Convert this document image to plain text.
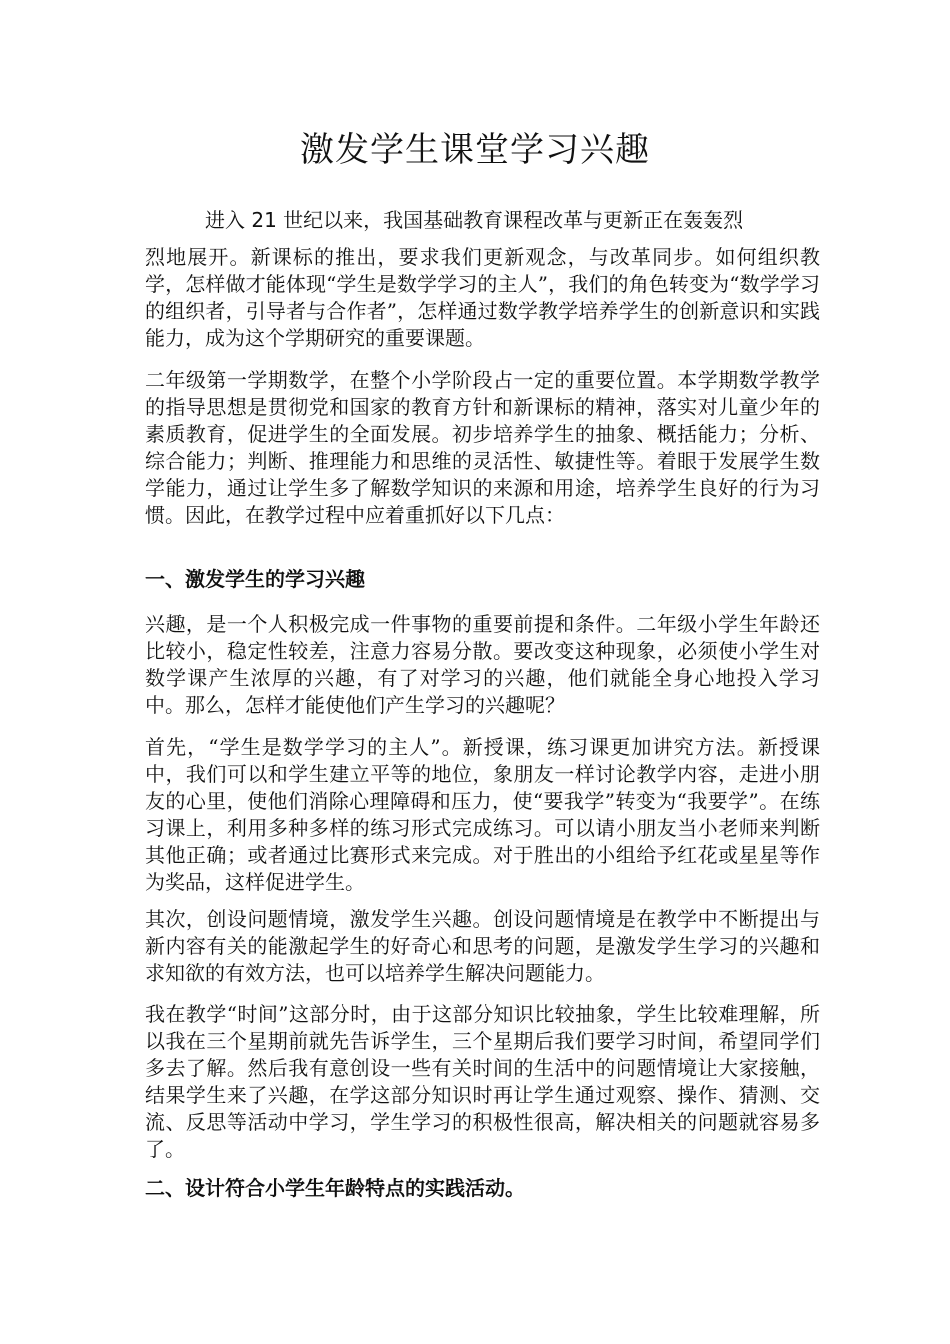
激发学生课堂学习兴趣

进入 21 世纪以来，我国基础教育课程改革与更新正在轰轰烈

烈地展开。新课标的推出，要求我们更新观念，与改革同步。如何组织教学，怎样做才能体现“学生是数学学习的主人”，我们的角色转变为“数学学习的组织者，引导者与合作者”，怎样通过数学教学培养学生的创新意识和实践能力，成为这个学期研究的重要课题。

二年级第一学期数学，在整个小学阶段占一定的重要位置。本学期数学教学的指导思想是贯彻党和国家的教育方针和新课标的精神，落实对儿童少年的素质教育，促进学生的全面发展。初步培养学生的抽象、概括能力；分析、综合能力；判断、推理能力和思维的灵活性、敏捷性等。着眼于发展学生数学能力，通过让学生多了解数学知识的来源和用途，培养学生良好的行为习惯。因此，在教学过程中应着重抓好以下几点：

一、激发学生的学习兴趣

兴趣，是一个人积极完成一件事物的重要前提和条件。二年级小学生年龄还比较小，稳定性较差，注意力容易分散。要改变这种现象，必须使小学生对数学课产生浓厚的兴趣，有了对学习的兴趣，他们就能全身心地投入学习中。那么，怎样才能使他们产生学习的兴趣呢？

首先，“学生是数学学习的主人”。新授课，练习课更加讲究方法。新授课中，我们可以和学生建立平等的地位，象朋友一样讨论教学内容，走进小朋友的心里，使他们消除心理障碍和压力，使“要我学”转变为“我要学”。在练习课上，利用多种多样的练习形式完成练习。可以请小朋友当小老师来判断其他正确；或者通过比赛形式来完成。对于胜出的小组给予红花或星星等作为奖品，这样促进学生。

其次，创设问题情境，激发学生兴趣。创设问题情境是在教学中不断提出与新内容有关的能激起学生的好奇心和思考的问题，是激发学生学习的兴趣和求知欲的有效方法，也可以培养学生解决问题能力。

我在教学“时间”这部分时，由于这部分知识比较抽象，学生比较难理解，所以我在三个星期前就先告诉学生，三个星期后我们要学习时间，希望同学们多去了解。然后我有意创设一些有关时间的生活中的问题情境让大家接触，结果学生来了兴趣，在学这部分知识时再让学生通过观察、操作、猜测、交流、反思等活动中学习，学生学习的积极性很高，解决相关的问题就容易多了。

二、设计符合小学生年龄特点的实践活动。
